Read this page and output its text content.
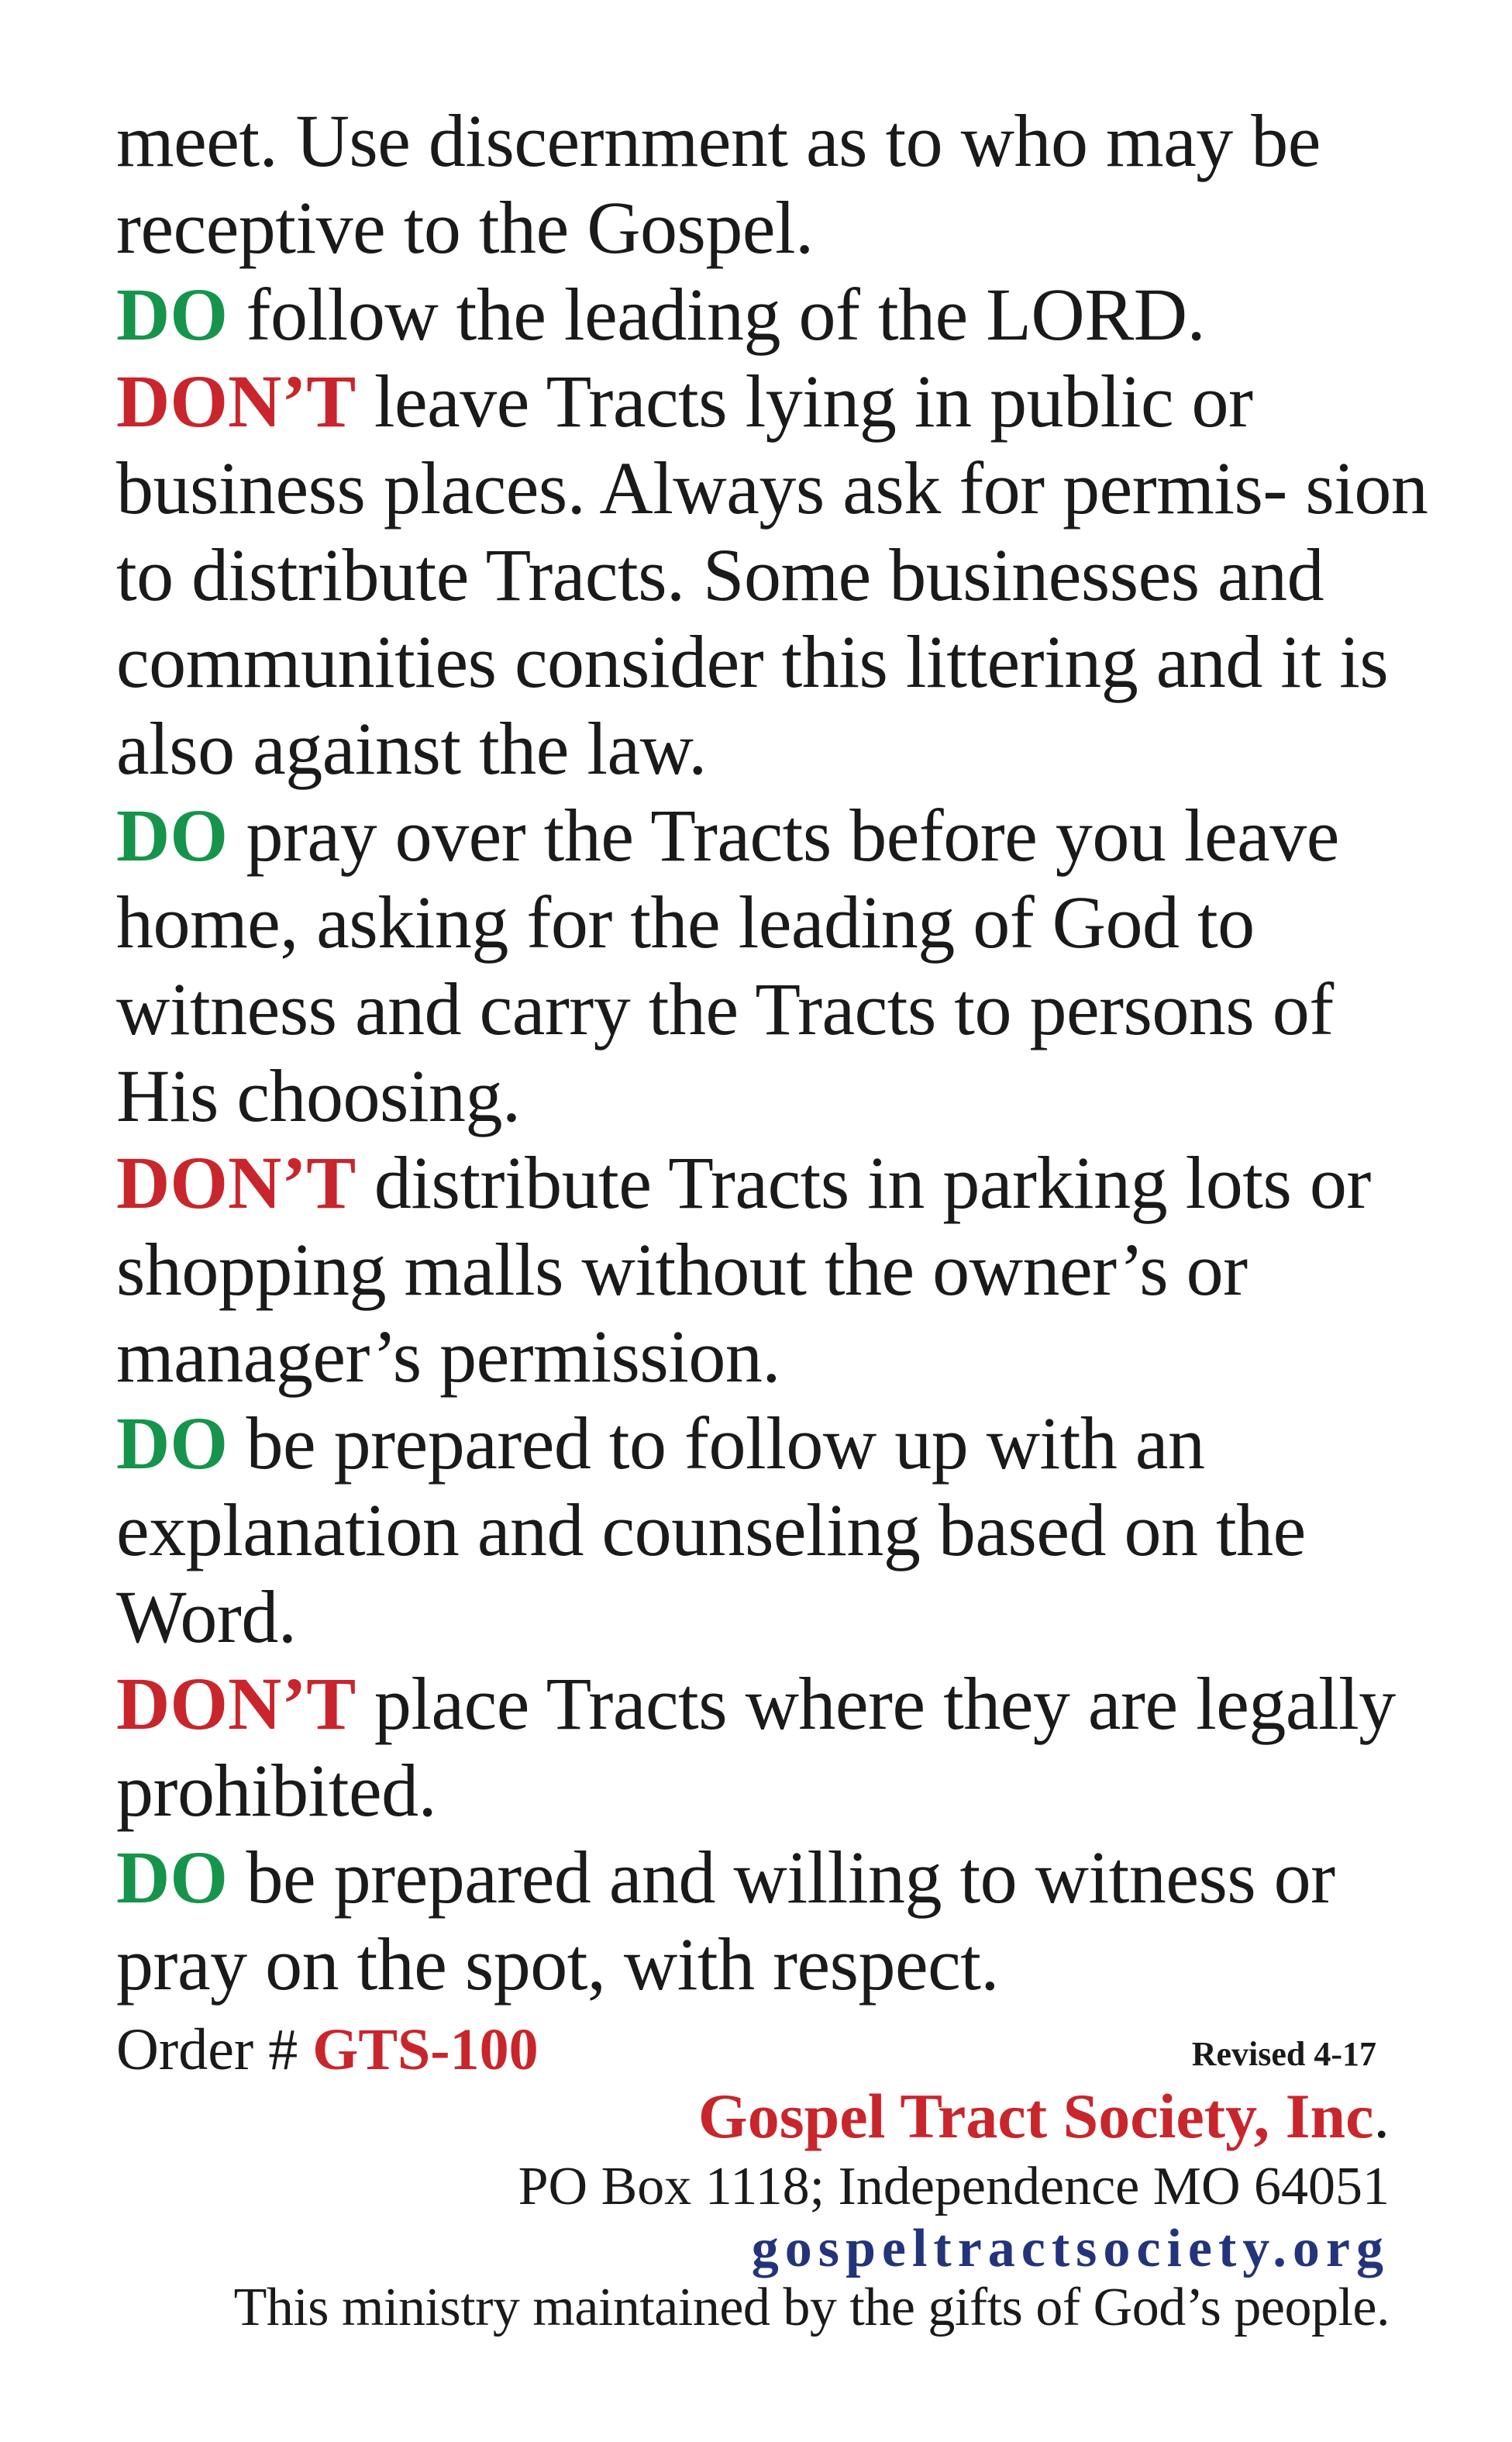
meet. Use discernment as to who may be receptive to the Gospel.

DO follow the leading of the LORD.

DON’T leave Tracts lying in public or business places. Always ask for permis- sion to distribute Tracts. Some businesses and communities consider this littering and it is also against the law.

DO pray over the Tracts before you leave home, asking for the leading of God to witness and carry the Tracts to persons of His choosing.

DON’T distribute Tracts in parking lots or shopping malls without the owner’s or manager’s permission.

DO be prepared to follow up with an explanation and counseling based on the Word.

DON’T place Tracts where they are legally prohibited.

DO be prepared and willing to witness or pray on the spot, with respect.

Order # GTS-100	Revised 4-17
Gospel Tract Society, Inc.
PO Box 1118; Independence MO 64051
gospeltractsociety.org
This ministry maintained by the gifts of God’s people.
